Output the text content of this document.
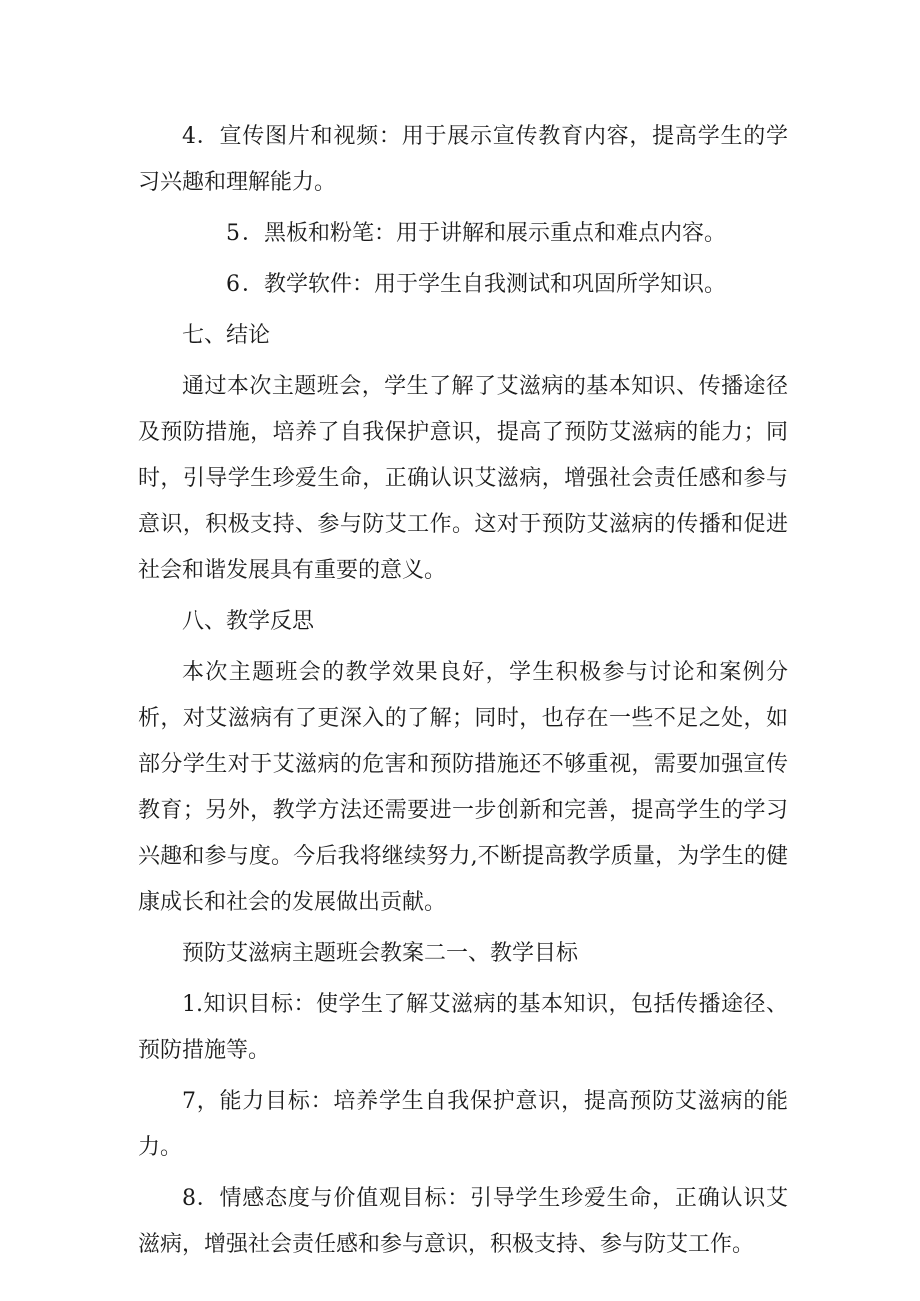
4．宣传图片和视频：用于展示宣传教育内容，提高学生的学习兴趣和理解能力。

5．黑板和粉笔：用于讲解和展示重点和难点内容。

6．教学软件：用于学生自我测试和巩固所学知识。

七、结论

通过本次主题班会，学生了解了艾滋病的基本知识、传播途径及预防措施，培养了自我保护意识，提高了预防艾滋病的能力；同时，引导学生珍爱生命，正确认识艾滋病，增强社会责任感和参与意识，积极支持、参与防艾工作。这对于预防艾滋病的传播和促进社会和谐发展具有重要的意义。

八、教学反思

本次主题班会的教学效果良好，学生积极参与讨论和案例分析，对艾滋病有了更深入的了解；同时，也存在一些不足之处，如部分学生对于艾滋病的危害和预防措施还不够重视，需要加强宣传教育；另外，教学方法还需要进一步创新和完善，提高学生的学习兴趣和参与度。今后我将继续努力,不断提高教学质量，为学生的健康成长和社会的发展做出贡献。

预防艾滋病主题班会教案二一、教学目标

1.知识目标：使学生了解艾滋病的基本知识，包括传播途径、预防措施等。

7，能力目标：培养学生自我保护意识，提高预防艾滋病的能力。

8．情感态度与价值观目标：引导学生珍爱生命，正确认识艾滋病，增强社会责任感和参与意识，积极支持、参与防艾工作。
